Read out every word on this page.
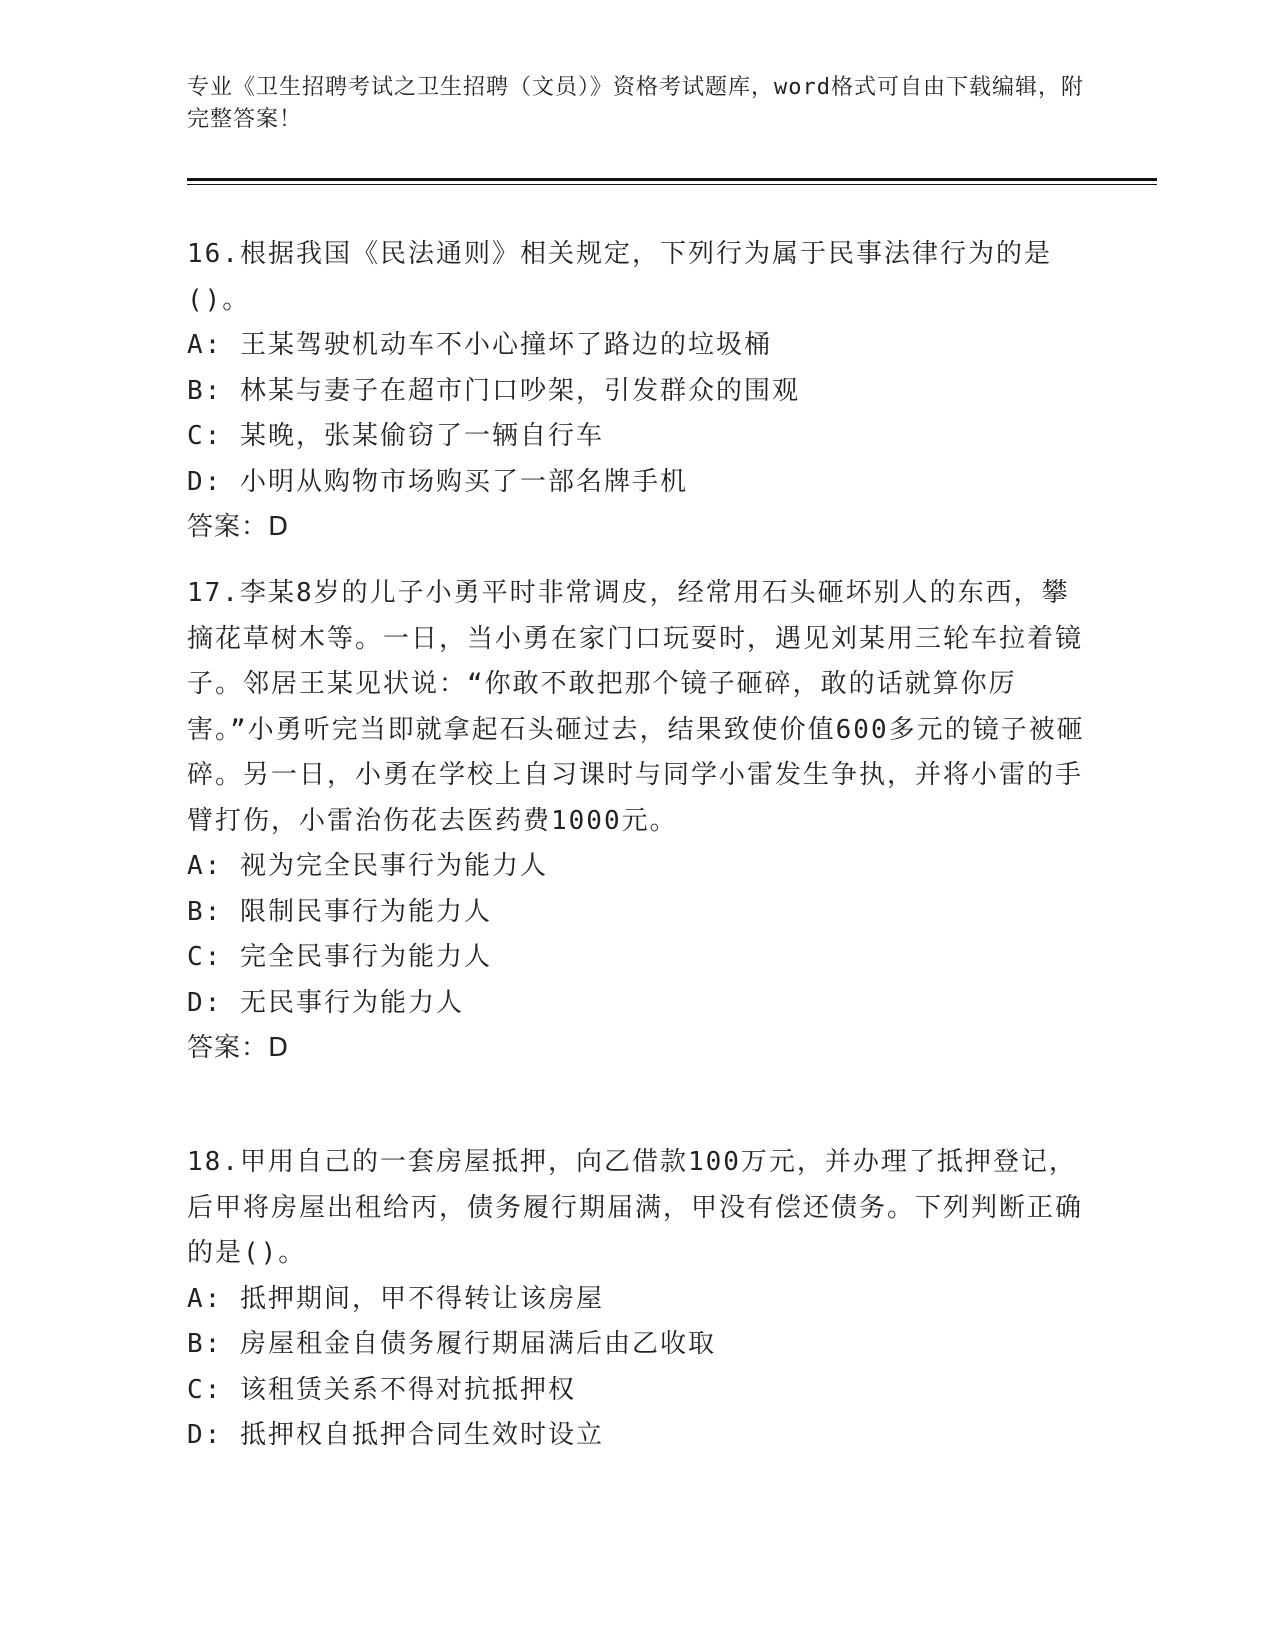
专业《卫生招聘考试之卫生招聘（文员）》资格考试题库，word格式可自由下载编辑，附完整答案！
16.根据我国《民法通则》相关规定，下列行为属于民事法律行为的是()。
A: 王某驾驶机动车不小心撞坏了路边的垃圾桶
B: 林某与妻子在超市门口吵架，引发群众的围观
C: 某晚，张某偷窃了一辆自行车
D: 小明从购物市场购买了一部名牌手机
答案：D
17.李某8岁的儿子小勇平时非常调皮，经常用石头砸坏别人的东西，攀摘花草树木等。一日，当小勇在家门口玩耍时，遇见刘某用三轮车拉着镜子。邻居王某见状说：“你敢不敢把那个镜子砸碎，敢的话就算你厉害。”小勇听完当即就拿起石头砸过去，结果致使价值600多元的镜子被砸碎。另一日，小勇在学校上自习课时与同学小雷发生争执，并将小雷的手臂打伤，小雷治伤花去医药费1000元。
A: 视为完全民事行为能力人
B: 限制民事行为能力人
C: 完全民事行为能力人
D: 无民事行为能力人
答案：D
18.甲用自己的一套房屋抵押，向乙借款100万元，并办理了抵押登记，后甲将房屋出租给丙，债务履行期届满，甲没有偿还债务。下列判断正确的是()。
A: 抵押期间，甲不得转让该房屋
B: 房屋租金自债务履行期届满后由乙收取
C: 该租赁关系不得对抗抵押权
D: 抵押权自抵押合同生效时设立
